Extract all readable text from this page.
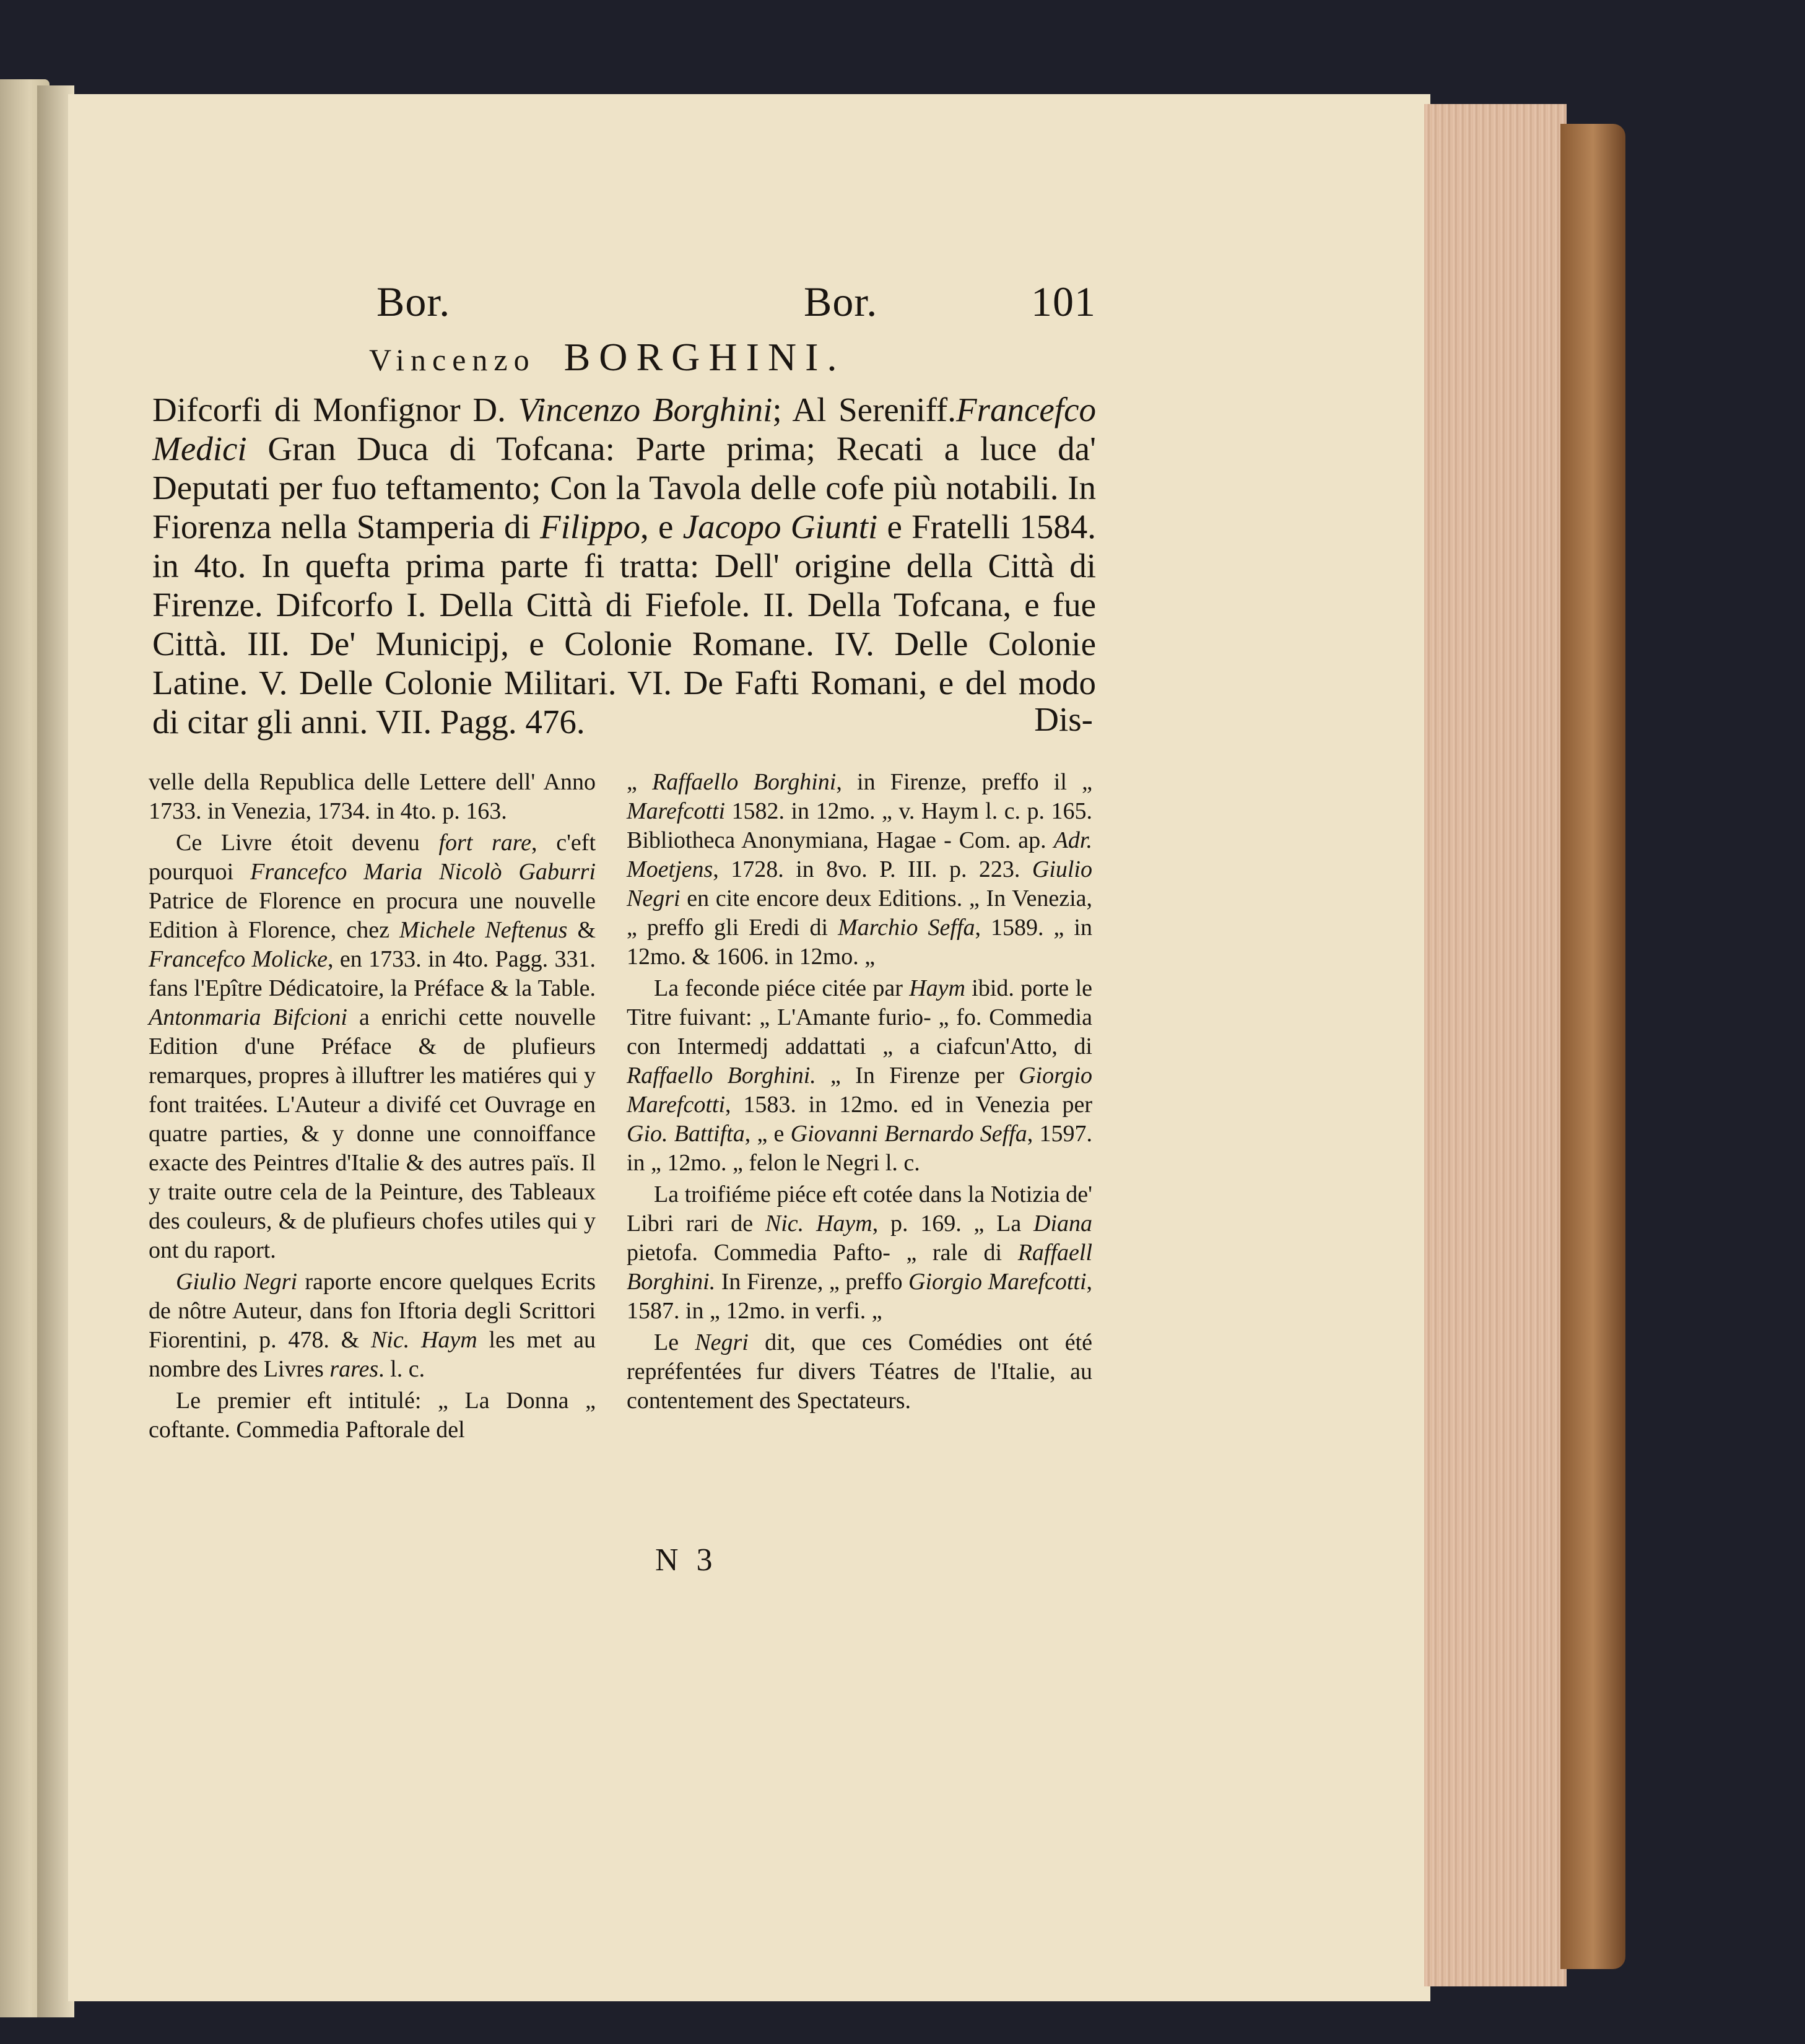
Bor.	Bor.	101
Vincenzo BORGHINI.
Difcorfi di Monfignor D. Vincenzo Borghini; Al Sereniff.Francefco Medici Gran Duca di Tofcana: Parte prima; Recati a luce da' Deputati per fuo teftamento; Con la Tavola delle cofe più notabili. In Fiorenza nella Stamperia di Filippo, e Jacopo Giunti e Fratelli 1584. in 4to. In quefta prima parte fi tratta: Dell' origine della Città di Firenze. Difcorfo I. Della Città di Fiefole. II. Della Tofcana, e fue Città. III. De' Municipj, e Colonie Romane. IV. Delle Colonie Latine. V. Delle Colonie Militari. VI. De Fafti Romani, e del modo di citar gli anni. VII. Pagg. 476.	Dis-

velle della Republica delle Lettere dell' Anno 1733. in Venezia, 1734. in 4to. p. 163.

Ce Livre étoit devenu fort rare, c'eft pourquoi Francefco Maria Nicolò Gaburri Patrice de Florence en procura une nouvelle Edition à Florence, chez Michele Neftenus & Francefco Molicke, en 1733. in 4to. Pagg. 331. fans l'Epître Dédicatoire, la Préface & la Table. Antonmaria Bifcioni a enrichi cette nouvelle Edition d'une Préface & de plufieurs remarques, propres à illuftrer les matiéres qui y font traitées. L'Auteur a divifé cet Ouvrage en quatre parties, & y donne une connoiffance exacte des Peintres d'Italie & des autres païs. Il y traite outre cela de la Peinture, des Tableaux des couleurs, & de plufieurs chofes utiles qui y ont du raport.

Giulio Negri raporte encore quelques Ecrits de nôtre Auteur, dans fon Iftoria degli Scrittori Fiorentini, p. 478. & Nic. Haym les met au nombre des Livres rares. l. c.

Le premier eft intitulé: „ La Donna „ coftante. Commedia Paftorale del

„ Raffaello Borghini, in Firenze, preffo il „ Marefcotti 1582. in 12mo. „ v. Haym l. c. p. 165. Bibliotheca Anonymiana, Hagae - Com. ap. Adr. Moetjens, 1728. in 8vo. P. III. p. 223. Giulio Negri en cite encore deux Editions. „ In Venezia, „ preffo gli Eredi di Marchio Seffa, 1589. „ in 12mo. & 1606. in 12mo. „

La feconde piéce citée par Haym ibid. porte le Titre fuivant: „ L'Amante furio- „ fo. Commedia con Intermedj addattati „ a ciafcun'Atto, di Raffaello Borghini. „ In Firenze per Giorgio Marefcotti, 1583. in 12mo. ed in Venezia per Gio. Battifta, „ e Giovanni Bernardo Seffa, 1597. in „ 12mo. „ felon le Negri l. c.

La troifiéme piéce eft cotée dans la Notizia de' Libri rari de Nic. Haym, p. 169. „ La Diana pietofa. Commedia Pafto- „ rale di Raffaell Borghini. In Firenze, „ preffo Giorgio Marefcotti, 1587. in „ 12mo. in verfi. „

Le Negri dit, que ces Comédies ont été repréfentées fur divers Téatres de l'Italie, au contentement des Spectateurs.

N 3
